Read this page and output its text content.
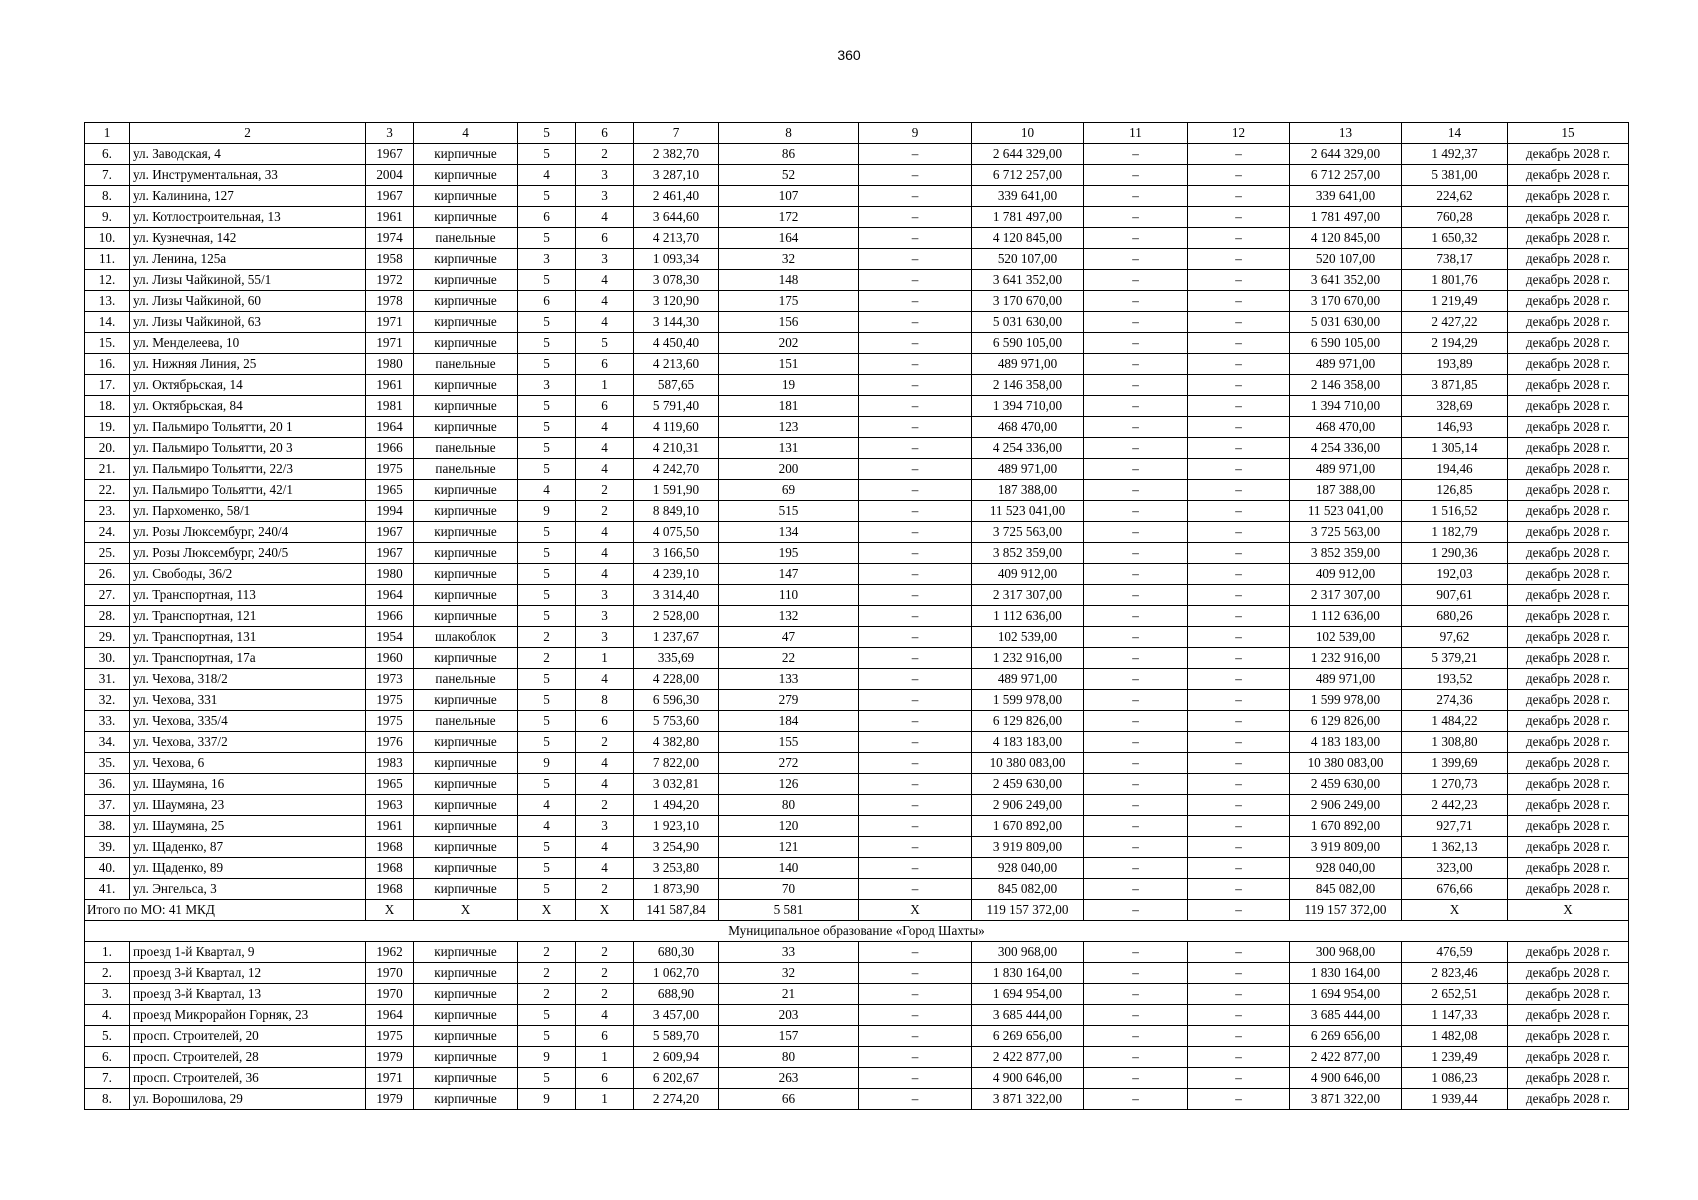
360
1	2	3	4	5	6	7	8	9	10	11	12	13	14	15
6.	ул. Заводская, 4	1967	кирпичные	5	2	2 382,70	86	–	2 644 329,00	–	–	2 644 329,00	1 492,37	декабрь 2028 г.
7.	ул. Инструментальная, 33	2004	кирпичные	4	3	3 287,10	52	–	6 712 257,00	–	–	6 712 257,00	5 381,00	декабрь 2028 г.
8.	ул. Калинина, 127	1967	кирпичные	5	3	2 461,40	107	–	339 641,00	–	–	339 641,00	224,62	декабрь 2028 г.
9.	ул. Котлостроительная, 13	1961	кирпичные	6	4	3 644,60	172	–	1 781 497,00	–	–	1 781 497,00	760,28	декабрь 2028 г.
10.	ул. Кузнечная, 142	1974	панельные	5	6	4 213,70	164	–	4 120 845,00	–	–	4 120 845,00	1 650,32	декабрь 2028 г.
11.	ул. Ленина, 125а	1958	кирпичные	3	3	1 093,34	32	–	520 107,00	–	–	520 107,00	738,17	декабрь 2028 г.
12.	ул. Лизы Чайкиной, 55/1	1972	кирпичные	5	4	3 078,30	148	–	3 641 352,00	–	–	3 641 352,00	1 801,76	декабрь 2028 г.
13.	ул. Лизы Чайкиной, 60	1978	кирпичные	6	4	3 120,90	175	–	3 170 670,00	–	–	3 170 670,00	1 219,49	декабрь 2028 г.
14.	ул. Лизы Чайкиной, 63	1971	кирпичные	5	4	3 144,30	156	–	5 031 630,00	–	–	5 031 630,00	2 427,22	декабрь 2028 г.
15.	ул. Менделеева, 10	1971	кирпичные	5	5	4 450,40	202	–	6 590 105,00	–	–	6 590 105,00	2 194,29	декабрь 2028 г.
16.	ул. Нижняя Линия, 25	1980	панельные	5	6	4 213,60	151	–	489 971,00	–	–	489 971,00	193,89	декабрь 2028 г.
17.	ул. Октябрьская, 14	1961	кирпичные	3	1	587,65	19	–	2 146 358,00	–	–	2 146 358,00	3 871,85	декабрь 2028 г.
18.	ул. Октябрьская, 84	1981	кирпичные	5	6	5 791,40	181	–	1 394 710,00	–	–	1 394 710,00	328,69	декабрь 2028 г.
19.	ул. Пальмиро Тольятти, 20 1	1964	кирпичные	5	4	4 119,60	123	–	468 470,00	–	–	468 470,00	146,93	декабрь 2028 г.
20.	ул. Пальмиро Тольятти, 20 3	1966	панельные	5	4	4 210,31	131	–	4 254 336,00	–	–	4 254 336,00	1 305,14	декабрь 2028 г.
21.	ул. Пальмиро Тольятти, 22/3	1975	панельные	5	4	4 242,70	200	–	489 971,00	–	–	489 971,00	194,46	декабрь 2028 г.
22.	ул. Пальмиро Тольятти, 42/1	1965	кирпичные	4	2	1 591,90	69	–	187 388,00	–	–	187 388,00	126,85	декабрь 2028 г.
23.	ул. Пархоменко, 58/1	1994	кирпичные	9	2	8 849,10	515	–	11 523 041,00	–	–	11 523 041,00	1 516,52	декабрь 2028 г.
24.	ул. Розы Люксембург, 240/4	1967	кирпичные	5	4	4 075,50	134	–	3 725 563,00	–	–	3 725 563,00	1 182,79	декабрь 2028 г.
25.	ул. Розы Люксембург, 240/5	1967	кирпичные	5	4	3 166,50	195	–	3 852 359,00	–	–	3 852 359,00	1 290,36	декабрь 2028 г.
26.	ул. Свободы, 36/2	1980	кирпичные	5	4	4 239,10	147	–	409 912,00	–	–	409 912,00	192,03	декабрь 2028 г.
27.	ул. Транспортная, 113	1964	кирпичные	5	3	3 314,40	110	–	2 317 307,00	–	–	2 317 307,00	907,61	декабрь 2028 г.
28.	ул. Транспортная, 121	1966	кирпичные	5	3	2 528,00	132	–	1 112 636,00	–	–	1 112 636,00	680,26	декабрь 2028 г.
29.	ул. Транспортная, 131	1954	шлакоблок	2	3	1 237,67	47	–	102 539,00	–	–	102 539,00	97,62	декабрь 2028 г.
30.	ул. Транспортная, 17а	1960	кирпичные	2	1	335,69	22	–	1 232 916,00	–	–	1 232 916,00	5 379,21	декабрь 2028 г.
31.	ул. Чехова, 318/2	1973	панельные	5	4	4 228,00	133	–	489 971,00	–	–	489 971,00	193,52	декабрь 2028 г.
32.	ул. Чехова, 331	1975	кирпичные	5	8	6 596,30	279	–	1 599 978,00	–	–	1 599 978,00	274,36	декабрь 2028 г.
33.	ул. Чехова, 335/4	1975	панельные	5	6	5 753,60	184	–	6 129 826,00	–	–	6 129 826,00	1 484,22	декабрь 2028 г.
34.	ул. Чехова, 337/2	1976	кирпичные	5	2	4 382,80	155	–	4 183 183,00	–	–	4 183 183,00	1 308,80	декабрь 2028 г.
35.	ул. Чехова, 6	1983	кирпичные	9	4	7 822,00	272	–	10 380 083,00	–	–	10 380 083,00	1 399,69	декабрь 2028 г.
36.	ул. Шаумяна, 16	1965	кирпичные	5	4	3 032,81	126	–	2 459 630,00	–	–	2 459 630,00	1 270,73	декабрь 2028 г.
37.	ул. Шаумяна, 23	1963	кирпичные	4	2	1 494,20	80	–	2 906 249,00	–	–	2 906 249,00	2 442,23	декабрь 2028 г.
38.	ул. Шаумяна, 25	1961	кирпичные	4	3	1 923,10	120	–	1 670 892,00	–	–	1 670 892,00	927,71	декабрь 2028 г.
39.	ул. Щаденко, 87	1968	кирпичные	5	4	3 254,90	121	–	3 919 809,00	–	–	3 919 809,00	1 362,13	декабрь 2028 г.
40.	ул. Щаденко, 89	1968	кирпичные	5	4	3 253,80	140	–	928 040,00	–	–	928 040,00	323,00	декабрь 2028 г.
41.	ул. Энгельса, 3	1968	кирпичные	5	2	1 873,90	70	–	845 082,00	–	–	845 082,00	676,66	декабрь 2028 г.
Итого по МО: 41 МКД		Х	Х	Х	Х	141 587,84	5 581	Х	119 157 372,00	–	–	119 157 372,00	Х	Х
Муниципальное образование «Город Шахты»														
1.	проезд 1-й Квартал, 9	1962	кирпичные	2	2	680,30	33	–	300 968,00	–	–	300 968,00	476,59	декабрь 2028 г.
2.	проезд 3-й Квартал, 12	1970	кирпичные	2	2	1 062,70	32	–	1 830 164,00	–	–	1 830 164,00	2 823,46	декабрь 2028 г.
3.	проезд 3-й Квартал, 13	1970	кирпичные	2	2	688,90	21	–	1 694 954,00	–	–	1 694 954,00	2 652,51	декабрь 2028 г.
4.	проезд Микрорайон Горняк, 23	1964	кирпичные	5	4	3 457,00	203	–	3 685 444,00	–	–	3 685 444,00	1 147,33	декабрь 2028 г.
5.	просп. Строителей, 20	1975	кирпичные	5	6	5 589,70	157	–	6 269 656,00	–	–	6 269 656,00	1 482,08	декабрь 2028 г.
6.	просп. Строителей, 28	1979	кирпичные	9	1	2 609,94	80	–	2 422 877,00	–	–	2 422 877,00	1 239,49	декабрь 2028 г.
7.	просп. Строителей, 36	1971	кирпичные	5	6	6 202,67	263	–	4 900 646,00	–	–	4 900 646,00	1 086,23	декабрь 2028 г.
8.	ул. Ворошилова, 29	1979	кирпичные	9	1	2 274,20	66	–	3 871 322,00	–	–	3 871 322,00	1 939,44	декабрь 2028 г.
